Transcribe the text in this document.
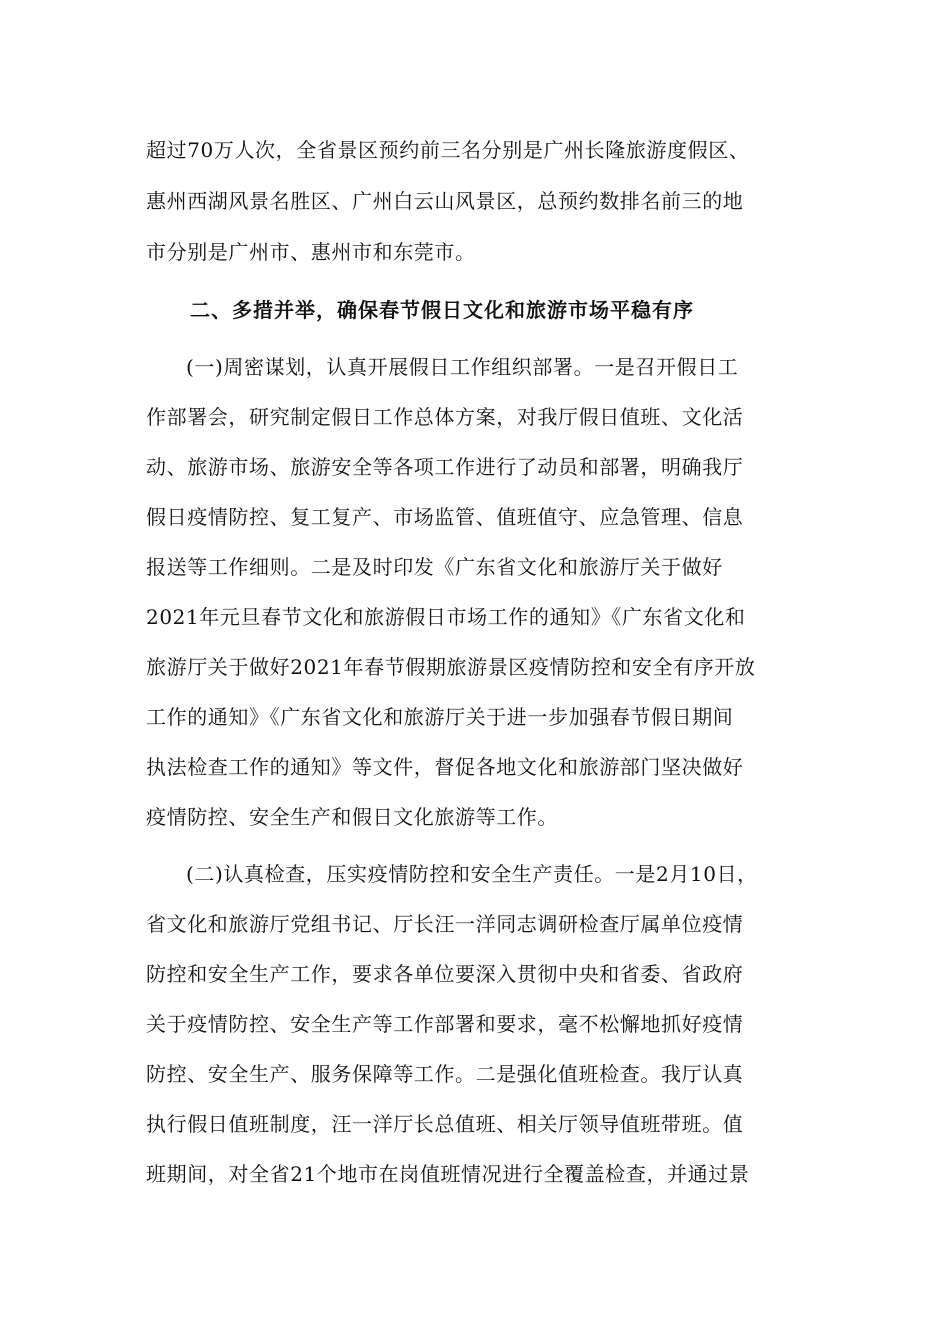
超过70万人次，全省景区预约前三名分别是广州长隆旅游度假区、
惠州西湖风景名胜区、广州白云山风景区，总预约数排名前三的地
市分别是广州市、惠州市和东莞市。
二、多措并举，确保春节假日文化和旅游市场平稳有序
(一)周密谋划，认真开展假日工作组织部署。一是召开假日工
作部署会，研究制定假日工作总体方案，对我厅假日值班、文化活
动、旅游市场、旅游安全等各项工作进行了动员和部署，明确我厅
假日疫情防控、复工复产、市场监管、值班值守、应急管理、信息
报送等工作细则。二是及时印发《广东省文化和旅游厅关于做好
2021年元旦春节文化和旅游假日市场工作的通知》《广东省文化和
旅游厅关于做好2021年春节假期旅游景区疫情防控和安全有序开放
工作的通知》《广东省文化和旅游厅关于进一步加强春节假日期间
执法检查工作的通知》等文件，督促各地文化和旅游部门坚决做好
疫情防控、安全生产和假日文化旅游等工作。
(二)认真检查，压实疫情防控和安全生产责任。一是2月10日，
省文化和旅游厅党组书记、厅长汪一洋同志调研检查厅属单位疫情
防控和安全生产工作，要求各单位要深入贯彻中央和省委、省政府
关于疫情防控、安全生产等工作部署和要求，毫不松懈地抓好疫情
防控、安全生产、服务保障等工作。二是强化值班检查。我厅认真
执行假日值班制度，汪一洋厅长总值班、相关厅领导值班带班。值
班期间，对全省21个地市在岗值班情况进行全覆盖检查，并通过景
